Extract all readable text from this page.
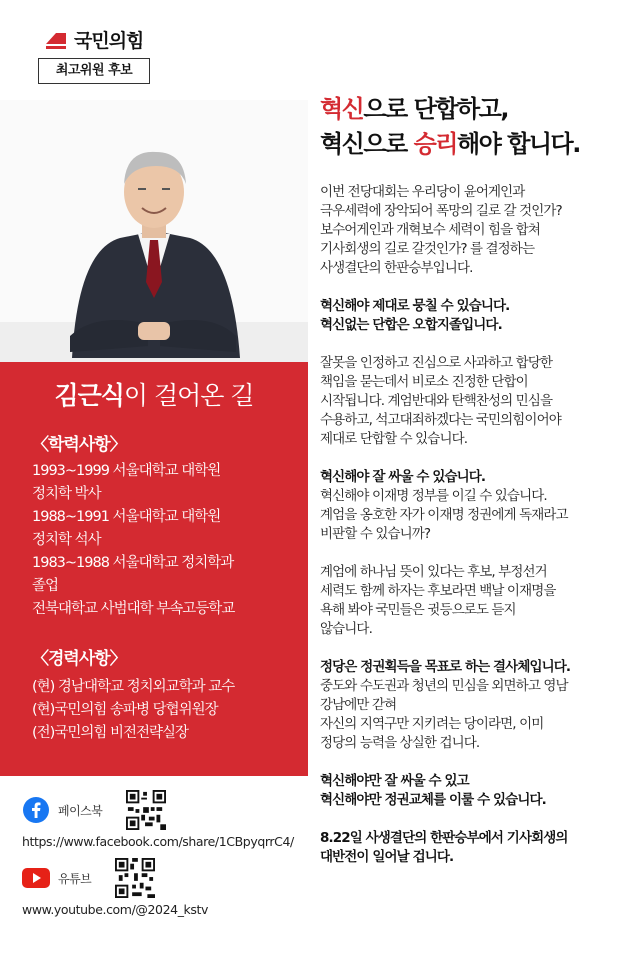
국민의힘
최고위원 후보
김근식이 걸어온 길
〈학력사항〉
1993~1999 서울대학교 대학원
정치학 박사
1988~1991 서울대학교 대학원
정치학 석사
1983~1988 서울대학교 정치학과
졸업
전북대학교 사범대학 부속고등학교
〈경력사항〉
(현) 경남대학교 정치외교학과 교수
(현)국민의힘 송파병 당협위원장
(전)국민의힘 비전전략실장
페이스북
https://www.facebook.com/share/1CBpyqrrC4/
유튜브
www.youtube.com/@2024_kstv
혁신으로 단합하고,
혁신으로 승리해야 합니다.

이번 전당대회는 우리당이 윤어게인과
극우세력에 장악되어 폭망의 길로 갈 것인가?
보수어게인과 개혁보수 세력이 힘을 합쳐
기사회생의 길로 갈것인가? 를 결정하는
사생결단의 한판승부입니다.

혁신해야 제대로 뭉칠 수 있습니다.
혁신없는 단합은 오합지졸입니다.

잘못을 인정하고 진심으로 사과하고 합당한
책임을 묻는데서 비로소 진정한 단합이
시작됩니다. 계엄반대와 탄핵찬성의 민심을
수용하고, 석고대죄하겠다는 국민의힘이어야
제대로 단합할 수 있습니다.

혁신해야 잘 싸울 수 있습니다.
혁신해야 이재명 정부를 이길 수 있습니다.
계엄을 옹호한 자가 이재명 정권에게 독재라고
비판할 수 있습니까?

계엄에 하나님 뜻이 있다는 후보, 부정선거
세력도 함께 하자는 후보라면 백날 이재명을
욕해 봐야 국민들은 귓등으로도 듣지
않습니다.

정당은 정권획득을 목표로 하는 결사체입니다.
중도와 수도권과 청년의 민심을 외면하고 영남
강남에만 갇혀
자신의 지역구만 지키려는 당이라면, 이미
정당의 능력을 상실한 겁니다.

혁신해야만 잘 싸울 수 있고
혁신해야만 정권교체를 이룰 수 있습니다.

8.22일 사생결단의 한판승부에서 기사회생의
대반전이 일어날 겁니다.
